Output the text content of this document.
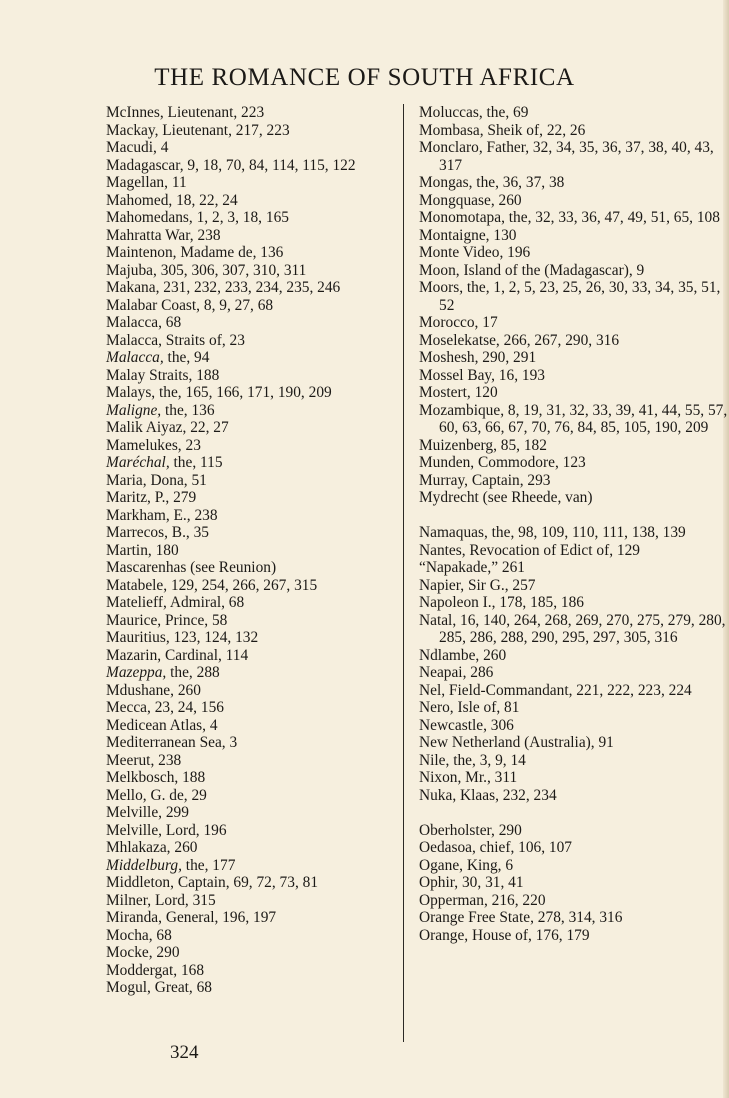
THE ROMANCE OF SOUTH AFRICA
McInnes, Lieutenant, 223
Mackay, Lieutenant, 217, 223
Macudi, 4
Madagascar, 9, 18, 70, 84, 114, 115, 122
Magellan, 11
Mahomed, 18, 22, 24
Mahomedans, 1, 2, 3, 18, 165
Mahratta War, 238
Maintenon, Madame de, 136
Majuba, 305, 306, 307, 310, 311
Makana, 231, 232, 233, 234, 235, 246
Malabar Coast, 8, 9, 27, 68
Malacca, 68
Malacca, Straits of, 23
Malacca, the, 94
Malay Straits, 188
Malays, the, 165, 166, 171, 190, 209
Maligne, the, 136
Malik Aiyaz, 22, 27
Mamelukes, 23
Maréchal, the, 115
Maria, Dona, 51
Maritz, P., 279
Markham, E., 238
Marrecos, B., 35
Martin, 180
Mascarenhas (see Reunion)
Matabele, 129, 254, 266, 267, 315
Matelieff, Admiral, 68
Maurice, Prince, 58
Mauritius, 123, 124, 132
Mazarin, Cardinal, 114
Mazeppa, the, 288
Mdushane, 260
Mecca, 23, 24, 156
Medicean Atlas, 4
Mediterranean Sea, 3
Meerut, 238
Melkbosch, 188
Mello, G. de, 29
Melville, 299
Melville, Lord, 196
Mhlakaza, 260
Middelburg, the, 177
Middleton, Captain, 69, 72, 73, 81
Milner, Lord, 315
Miranda, General, 196, 197
Mocha, 68
Mocke, 290
Moddergat, 168
Mogul, Great, 68
Moluccas, the, 69
Mombasa, Sheik of, 22, 26
Monclaro, Father, 32, 34, 35, 36, 37, 38, 40, 43, 317
Mongas, the, 36, 37, 38
Mongquase, 260
Monomotapa, the, 32, 33, 36, 47, 49, 51, 65, 108
Montaigne, 130
Monte Video, 196
Moon, Island of the (Madagascar), 9
Moors, the, 1, 2, 5, 23, 25, 26, 30, 33, 34, 35, 51, 52
Morocco, 17
Moselekatse, 266, 267, 290, 316
Moshesh, 290, 291
Mossel Bay, 16, 193
Mostert, 120
Mozambique, 8, 19, 31, 32, 33, 39, 41, 44, 55, 57, 60, 63, 66, 67, 70, 76, 84, 85, 105, 190, 209
Muizenberg, 85, 182
Munden, Commodore, 123
Murray, Captain, 293
Mydrecht (see Rheede, van)
Namaquas, the, 98, 109, 110, 111, 138, 139
Nantes, Revocation of Edict of, 129
“Napakade,” 261
Napier, Sir G., 257
Napoleon I., 178, 185, 186
Natal, 16, 140, 264, 268, 269, 270, 275, 279, 280, 285, 286, 288, 290, 295, 297, 305, 316
Ndlambe, 260
Neapai, 286
Nel, Field-Commandant, 221, 222, 223, 224
Nero, Isle of, 81
Newcastle, 306
New Netherland (Australia), 91
Nile, the, 3, 9, 14
Nixon, Mr., 311
Nuka, Klaas, 232, 234
Oberholster, 290
Oedasoa, chief, 106, 107
Ogane, King, 6
Ophir, 30, 31, 41
Opperman, 216, 220
Orange Free State, 278, 314, 316
Orange, House of, 176, 179
324
